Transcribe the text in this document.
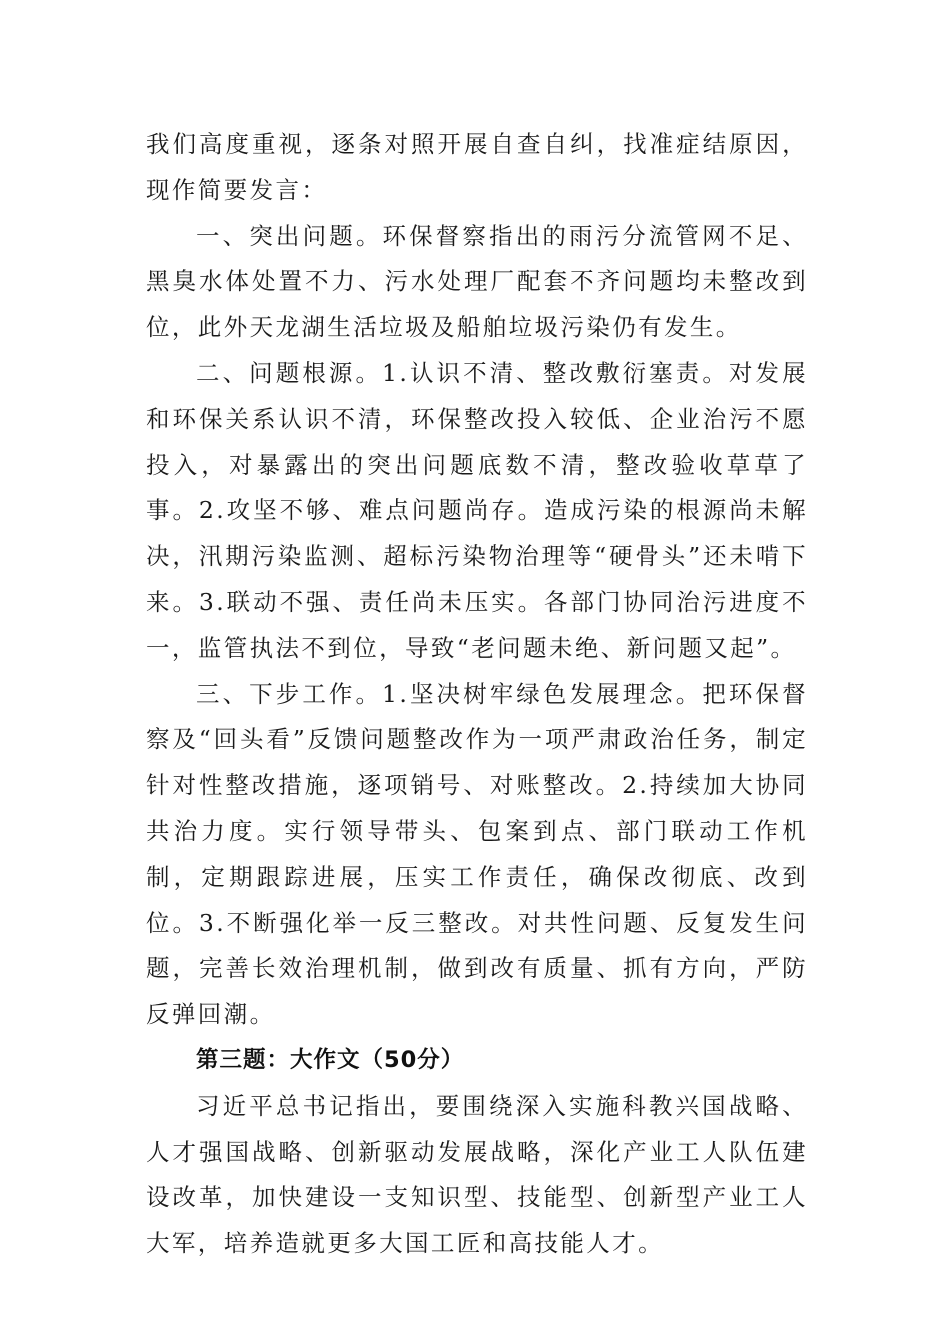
我们高度重视，逐条对照开展自查自纠，找准症结原因，现作简要发言：

一、突出问题。环保督察指出的雨污分流管网不足、黑臭水体处置不力、污水处理厂配套不齐问题均未整改到位，此外天龙湖生活垃圾及船舶垃圾污染仍有发生。

二、问题根源。1.认识不清、整改敷衍塞责。对发展和环保关系认识不清，环保整改投入较低、企业治污不愿投入，对暴露出的突出问题底数不清，整改验收草草了事。2.攻坚不够、难点问题尚存。造成污染的根源尚未解决，汛期污染监测、超标污染物治理等“硬骨头”还未啃下来。3.联动不强、责任尚未压实。各部门协同治污进度不一，监管执法不到位，导致“老问题未绝、新问题又起”。

三、下步工作。1.坚决树牢绿色发展理念。把环保督察及“回头看”反馈问题整改作为一项严肃政治任务，制定针对性整改措施，逐项销号、对账整改。2.持续加大协同共治力度。实行领导带头、包案到点、部门联动工作机制，定期跟踪进展，压实工作责任，确保改彻底、改到位。3.不断强化举一反三整改。对共性问题、反复发生问题，完善长效治理机制，做到改有质量、抓有方向，严防反弹回潮。

第三题：大作文（50分）

习近平总书记指出，要围绕深入实施科教兴国战略、人才强国战略、创新驱动发展战略，深化产业工人队伍建设改革，加快建设一支知识型、技能型、创新型产业工人大军，培养造就更多大国工匠和高技能人才。
